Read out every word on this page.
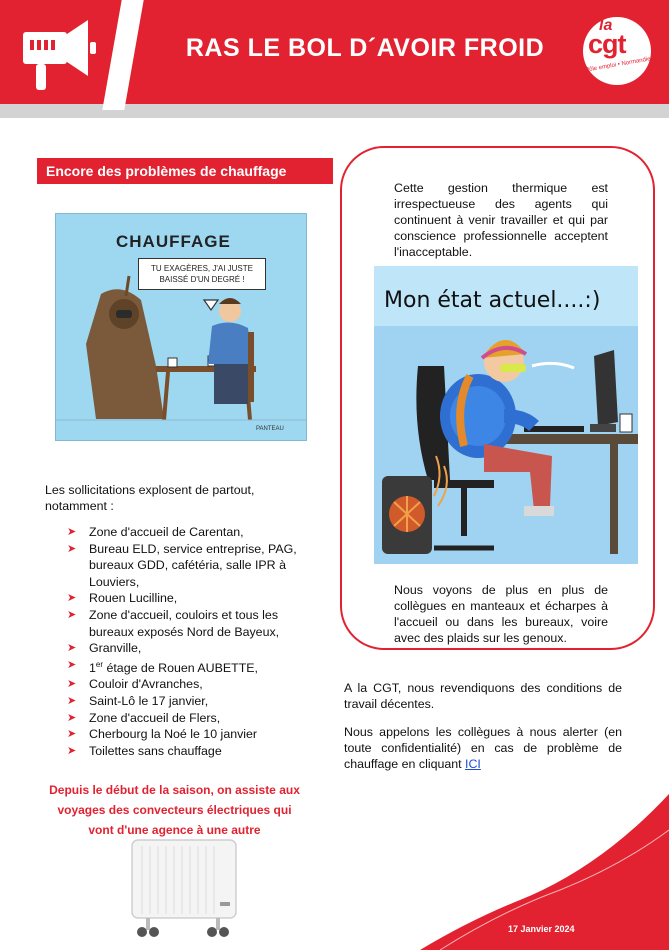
RAS LE BOL D´AVOIR FROID
la
cgt
Pôle emploi • Normandie
Encore des problèmes de chauffage
CHAUFFAGE
TU EXAGÈRES, J'AI JUSTE BAISSÉ D'UN DEGRÉ !
PANTEAU
Les sollicitations explosent de partout,
notamment :
➤ Zone d'accueil de Carentan,
➤ Bureau ELD, service entreprise, PAG,
bureaux GDD, cafétéria, salle IPR à
Louviers,
➤ Rouen Lucilline,
➤ Zone d'accueil, couloirs et tous les
bureaux exposés Nord de Bayeux,
➤ Granville,
➤ 1er étage de Rouen AUBETTE,
➤ Couloir d'Avranches,
➤ Saint-Lô le 17 janvier,
➤ Zone d'accueil de Flers,
➤ Cherbourg la Noé le 10 janvier
➤ Toilettes sans chauffage
Depuis le début de la saison, on assiste aux
voyages des convecteurs électriques qui
vont d'une agence à une autre
Cette gestion thermique est
irrespectueuse des agents qui
continuent à venir travailler et qui par
conscience professionnelle acceptent
l'inacceptable.
Mon état actuel....:)
Nous voyons de plus en plus de
collègues en manteaux et écharpes à
l'accueil ou dans les bureaux, voire
avec des plaids sur les genoux.
A la CGT, nous revendiquons des conditions de
travail décentes.
Nous appelons les collègues à nous alerter (en
toute confidentialité) en cas de problème de
chauffage en cliquant ICI
17 Janvier 2024
